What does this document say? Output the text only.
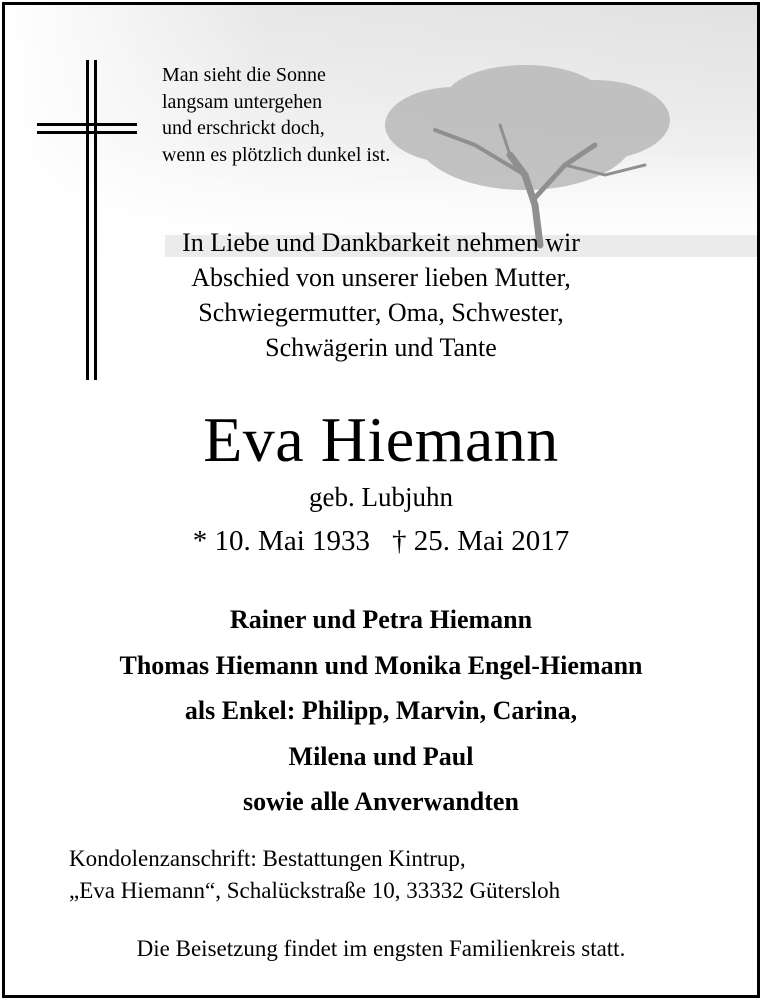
Man sieht die Sonne
langsam untergehen
und erschrickt doch,
wenn es plötzlich dunkel ist.
In Liebe und Dankbarkeit nehmen wir
Abschied von unserer lieben Mutter,
Schwiegermutter, Oma, Schwester,
Schwägerin und Tante
Eva Hiemann
geb. Lubjuhn
* 10. Mai 1933 † 25. Mai 2017
Rainer und Petra Hiemann
Thomas Hiemann und Monika Engel-Hiemann
als Enkel: Philipp, Marvin, Carina,
Milena und Paul
sowie alle Anverwandten
Kondolenzanschrift: Bestattungen Kintrup,
„Eva Hiemann“, Schalückstraße 10, 33332 Gütersloh
Die Beisetzung findet im engsten Familienkreis statt.
